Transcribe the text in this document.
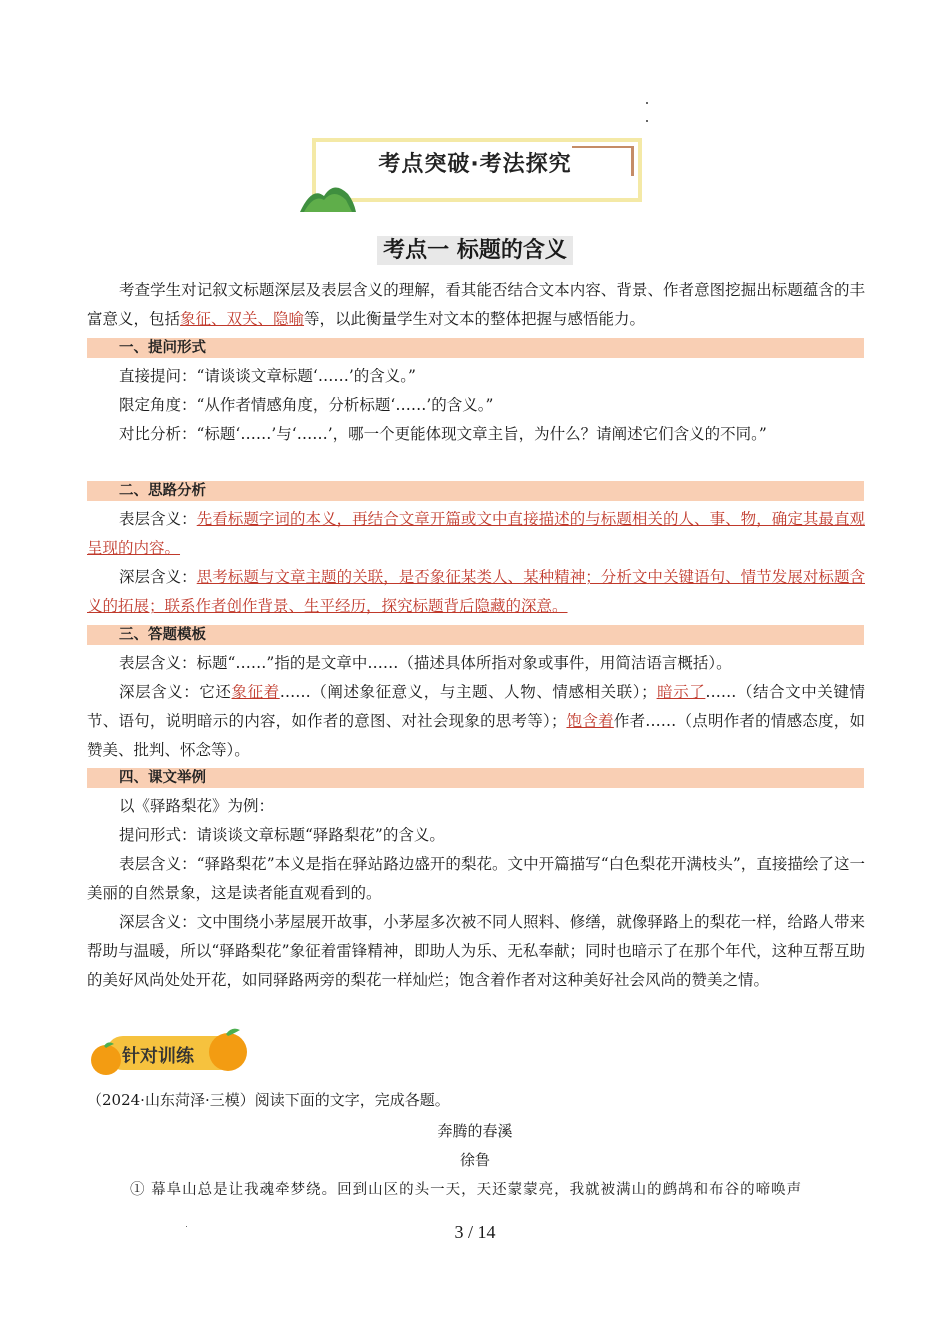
考点突破·考法探究
考点一 标题的含义

考查学生对记叙文标题深层及表层含义的理解，看其能否结合文本内容、背景、作者意图挖掘出标题蕴含的丰富意义，包括象征、双关、隐喻等，以此衡量学生对文本的整体把握与感悟能力。

一、提问形式

直接提问：“请谈谈文章标题‘……’的含义。”

限定角度：“从作者情感角度，分析标题‘……’的含义。”

对比分析：“标题‘……’与‘……’，哪一个更能体现文章主旨，为什么？请阐述它们含义的不同。”

二、思路分析

表层含义：先看标题字词的本义，再结合文章开篇或文中直接描述的与标题相关的人、事、物，确定其最直观呈现的内容。

深层含义：思考标题与文章主题的关联，是否象征某类人、某种精神；分析文中关键语句、情节发展对标题含义的拓展；联系作者创作背景、生平经历，探究标题背后隐藏的深意。

三、答题模板

表层含义：标题“……”指的是文章中……（描述具体所指对象或事件，用简洁语言概括）。

深层含义：它还象征着……（阐述象征意义，与主题、人物、情感相关联）；暗示了……（结合文中关键情节、语句，说明暗示的内容，如作者的意图、对社会现象的思考等）；饱含着作者……（点明作者的情感态度，如赞美、批判、怀念等）。

四、课文举例

以《驿路梨花》为例：

提问形式：请谈谈文章标题“驿路梨花”的含义。

表层含义：“驿路梨花”本义是指在驿站路边盛开的梨花。文中开篇描写“白色梨花开满枝头”，直接描绘了这一美丽的自然景象，这是读者能直观看到的。

深层含义：文中围绕小茅屋展开故事，小茅屋多次被不同人照料、修缮，就像驿路上的梨花一样，给路人带来帮助与温暖，所以“驿路梨花”象征着雷锋精神，即助人为乐、无私奉献；同时也暗示了在那个年代，这种互帮互助的美好风尚处处开花，如同驿路两旁的梨花一样灿烂；饱含着作者对这种美好社会风尚的赞美之情。

针对训练

（2024·山东菏泽·三模）阅读下面的文字，完成各题。

奔腾的春溪
徐鲁
① 幕阜山总是让我魂牵梦绕。回到山区的头一天，天还蒙蒙亮，我就被满山的鹧鸪和布谷的啼唤声
3 / 14
